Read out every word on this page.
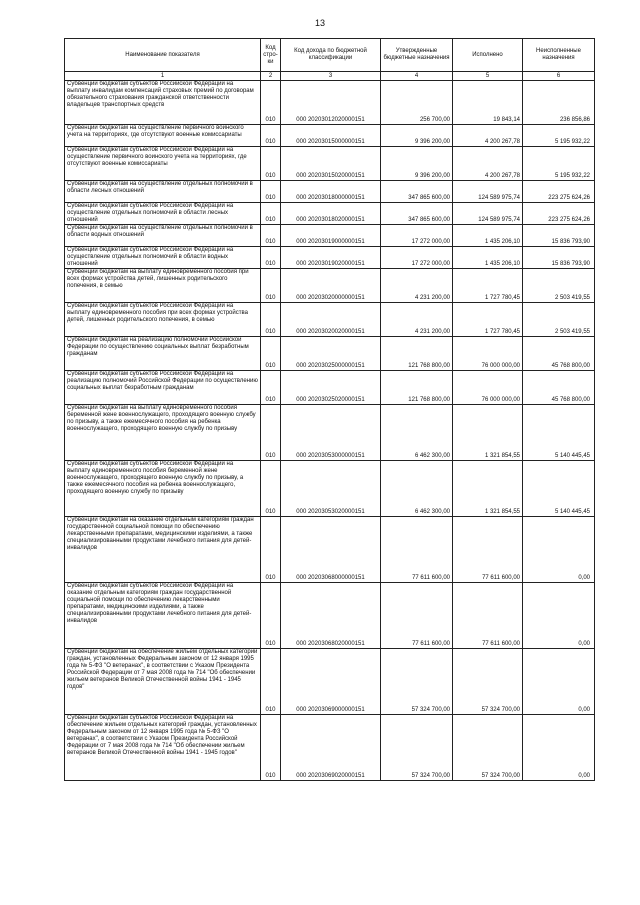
13
Наименование показателя	Код стро-ки	Код дохода по бюджетной классификации	Утвержденные бюджетные назначения	Исполнено	Неисполненные назначения
1	2	3	4	5	6
Субвенции бюджетам субъектов Российской Федерации на выплату инвалидам компенсаций страховых премий по договорам обязательного страхования гражданской ответственности владельцев транспортных средств	010	000 20203012020000151	256 700,00	19 843,14	236 856,86
Субвенции бюджетам на осуществление первичного воинского учета на территориях, где отсутствуют военные комиссариаты	010	000 20203015000000151	9 396 200,00	4 200 267,78	5 195 932,22
Субвенции бюджетам субъектов Российской Федерации на осуществление первичного воинского учета на территориях, где отсутствуют военные комиссариаты	010	000 20203015020000151	9 396 200,00	4 200 267,78	5 195 932,22
Субвенции бюджетам на осуществление отдельных полномочий в области лесных отношений	010	000 20203018000000151	347 865 600,00	124 589 975,74	223 275 624,26
Субвенции бюджетам субъектов Российской Федерации на осуществление отдельных полномочий в области лесных отношений	010	000 20203018020000151	347 865 600,00	124 589 975,74	223 275 624,26
Субвенции бюджетам на осуществление отдельных полномочий в области водных отношений	010	000 20203019000000151	17 272 000,00	1 435 206,10	15 836 793,90
Субвенции бюджетам субъектов Российской Федерации на осуществление отдельных полномочий в области водных отношений	010	000 20203019020000151	17 272 000,00	1 435 206,10	15 836 793,90
Субвенции бюджетам на выплату единовременного пособия при всех формах устройства детей, лишенных родительского попечения, в семью	010	000 20203020000000151	4 231 200,00	1 727 780,45	2 503 419,55
Субвенции бюджетам субъектов Российской Федерации на выплату единовременного пособия при всех формах устройства детей, лишенных родительского попечения, в семью	010	000 20203020020000151	4 231 200,00	1 727 780,45	2 503 419,55
Субвенции бюджетам на реализацию полномочий Российской Федерации по осуществлению социальных выплат безработным гражданам	010	000 20203025000000151	121 768 800,00	76 000 000,00	45 768 800,00
Субвенции бюджетам субъектов Российской Федерации на реализацию полномочий Российской Федерации по осуществлению социальных выплат безработным гражданам	010	000 20203025020000151	121 768 800,00	76 000 000,00	45 768 800,00
Субвенции бюджетам на выплату единовременного пособия беременной жене военнослужащего, проходящего военную службу по призыву, а также ежемесячного пособия на ребенка военнослужащего, проходящего военную службу по призыву	010	000 20203053000000151	6 462 300,00	1 321 854,55	5 140 445,45
Субвенции бюджетам субъектов Российской Федерации на выплату единовременного пособия беременной жене военнослужащего, проходящего военную службу по призыву, а также ежемесячного пособия на ребенка военнослужащего, проходящего военную службу по призыву	010	000 20203053020000151	6 462 300,00	1 321 854,55	5 140 445,45
Субвенции бюджетам на оказание отдельным категориям граждан государственной социальной помощи по обеспечению лекарственными препаратами, медицинскими изделиями, а также специализированными продуктами лечебного питания для детей-инвалидов	010	000 20203068000000151	77 611 600,00	77 611 600,00	0,00
Субвенции бюджетам субъектов Российской Федерации на оказание отдельным категориям граждан государственной социальной помощи по обеспечению лекарственными препаратами, медицинскими изделиями, а также специализированными продуктами лечебного питания для детей-инвалидов	010	000 20203068020000151	77 611 600,00	77 611 600,00	0,00
Субвенции бюджетам на обеспечение жильем отдельных категорий граждан, установленных Федеральным законом от 12 января 1995 года № 5-ФЗ "О ветеранах", в соответствии с Указом Президента Российской Федерации от 7 мая 2008 года № 714 "Об обеспечении жильем ветеранов Великой Отечественной войны 1941 - 1945 годов"	010	000 20203069000000151	57 324 700,00	57 324 700,00	0,00
Субвенции бюджетам субъектов Российской Федерации на обеспечение жильем отдельных категорий граждан, установленных Федеральным законом от 12 января 1995 года № 5-ФЗ "О ветеранах", в соответствии с Указом Президента Российской Федерации от 7 мая 2008 года № 714 "Об обеспечении жильем ветеранов Великой Отечественной войны 1941 - 1945 годов"	010	000 20203069020000151	57 324 700,00	57 324 700,00	0,00
